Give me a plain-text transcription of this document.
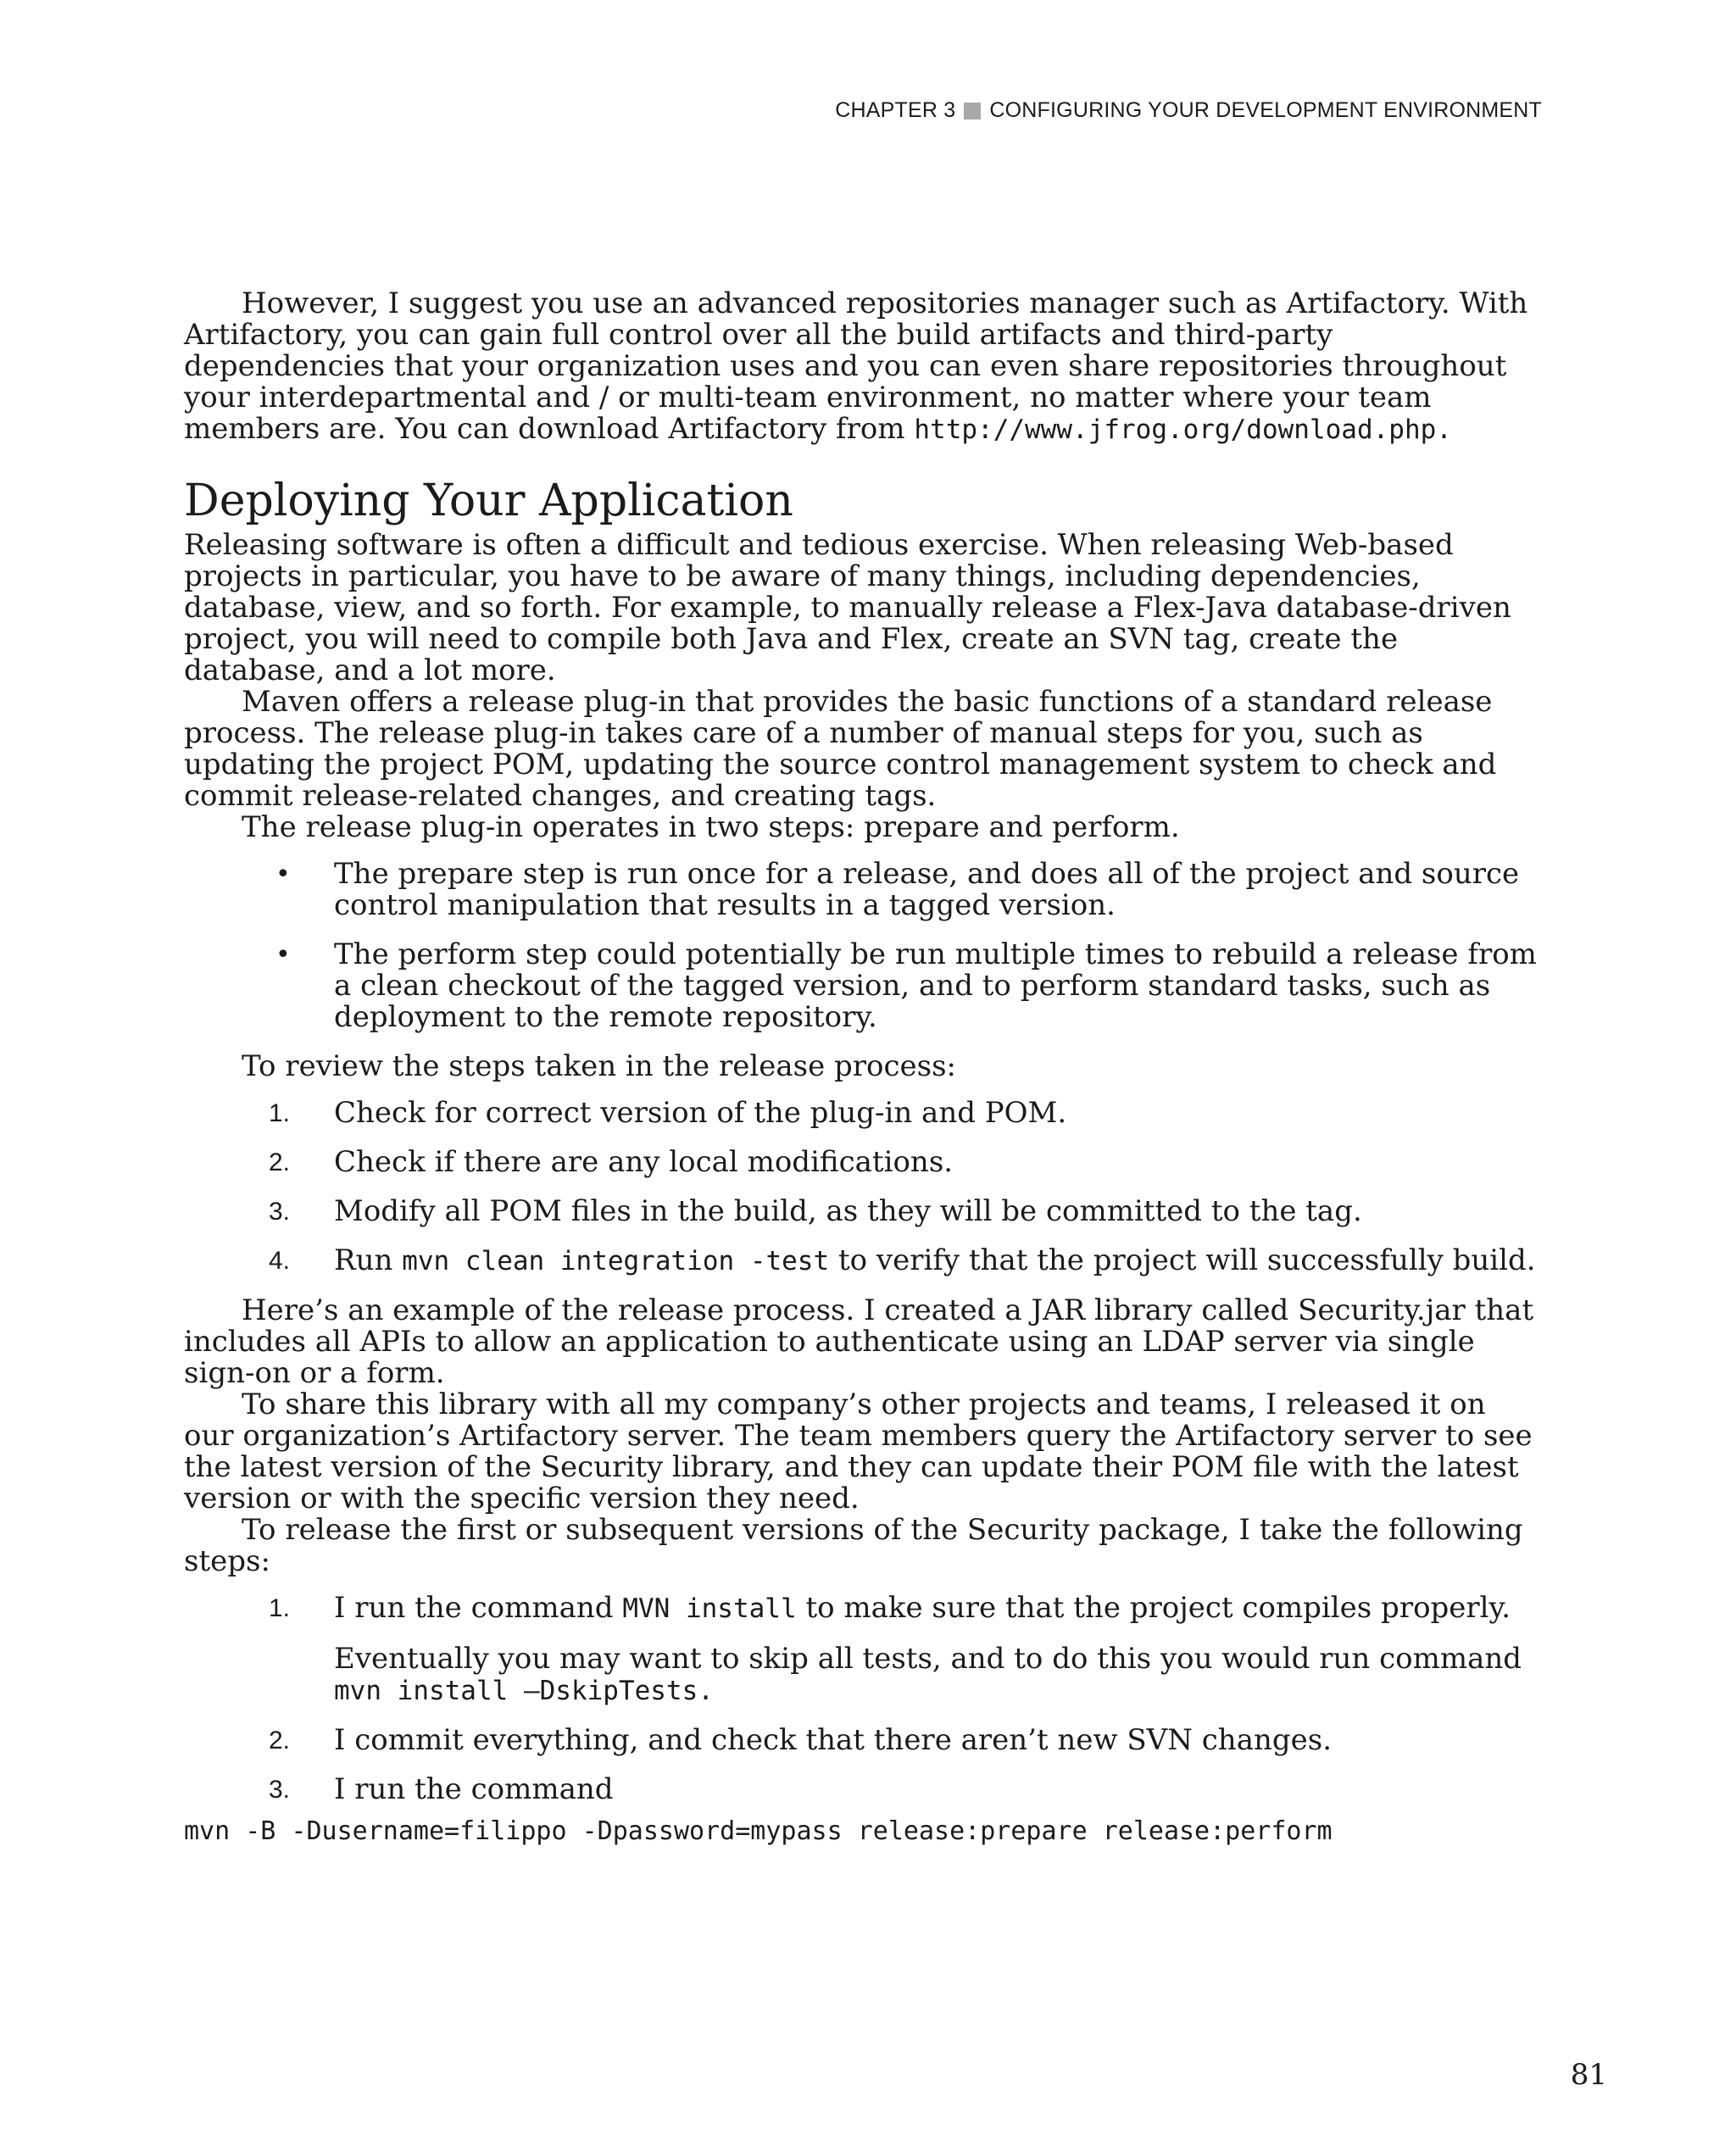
CHAPTER 3 CONFIGURING YOUR DEVELOPMENT ENVIRONMENT

However, I suggest you use an advanced repositories manager such as Artifactory. With Artifactory, you can gain full control over all the build artifacts and third-party dependencies that your organization uses and you can even share repositories throughout your interdepartmental and / or multi-team environment, no matter where your team members are. You can download Artifactory from http://www.jfrog.org/download.php.

Deploying Your Application

Releasing software is often a difficult and tedious exercise. When releasing Web-based projects in particular, you have to be aware of many things, including dependencies, database, view, and so forth. For example, to manually release a Flex-Java database-driven project, you will need to compile both Java and Flex, create an SVN tag, create the database, and a lot more.

Maven offers a release plug-in that provides the basic functions of a standard release process. The release plug-in takes care of a number of manual steps for you, such as updating the project POM, updating the source control management system to check and commit release-related changes, and creating tags.

The release plug-in operates in two steps: prepare and perform.

• The prepare step is run once for a release, and does all of the project and source control manipulation that results in a tagged version.
• The perform step could potentially be run multiple times to rebuild a release from a clean checkout of the tagged version, and to perform standard tasks, such as deployment to the remote repository.

To review the steps taken in the release process:

1. Check for correct version of the plug-in and POM.
2. Check if there are any local modifications.
3. Modify all POM files in the build, as they will be committed to the tag.
4. Run mvn clean integration -test to verify that the project will successfully build.

Here’s an example of the release process. I created a JAR library called Security.jar that includes all APIs to allow an application to authenticate using an LDAP server via single sign-on or a form.

To share this library with all my company’s other projects and teams, I released it on our organization’s Artifactory server. The team members query the Artifactory server to see the latest version of the Security library, and they can update their POM file with the latest version or with the specific version they need.

To release the first or subsequent versions of the Security package, I take the following steps:

1. I run the command MVN install to make sure that the project compiles properly.

Eventually you may want to skip all tests, and to do this you would run command mvn install –DskipTests.

2. I commit everything, and check that there aren’t new SVN changes.
3. I run the command

mvn -B -Dusername=filippo -Dpassword=mypass release:prepare release:perform

81
